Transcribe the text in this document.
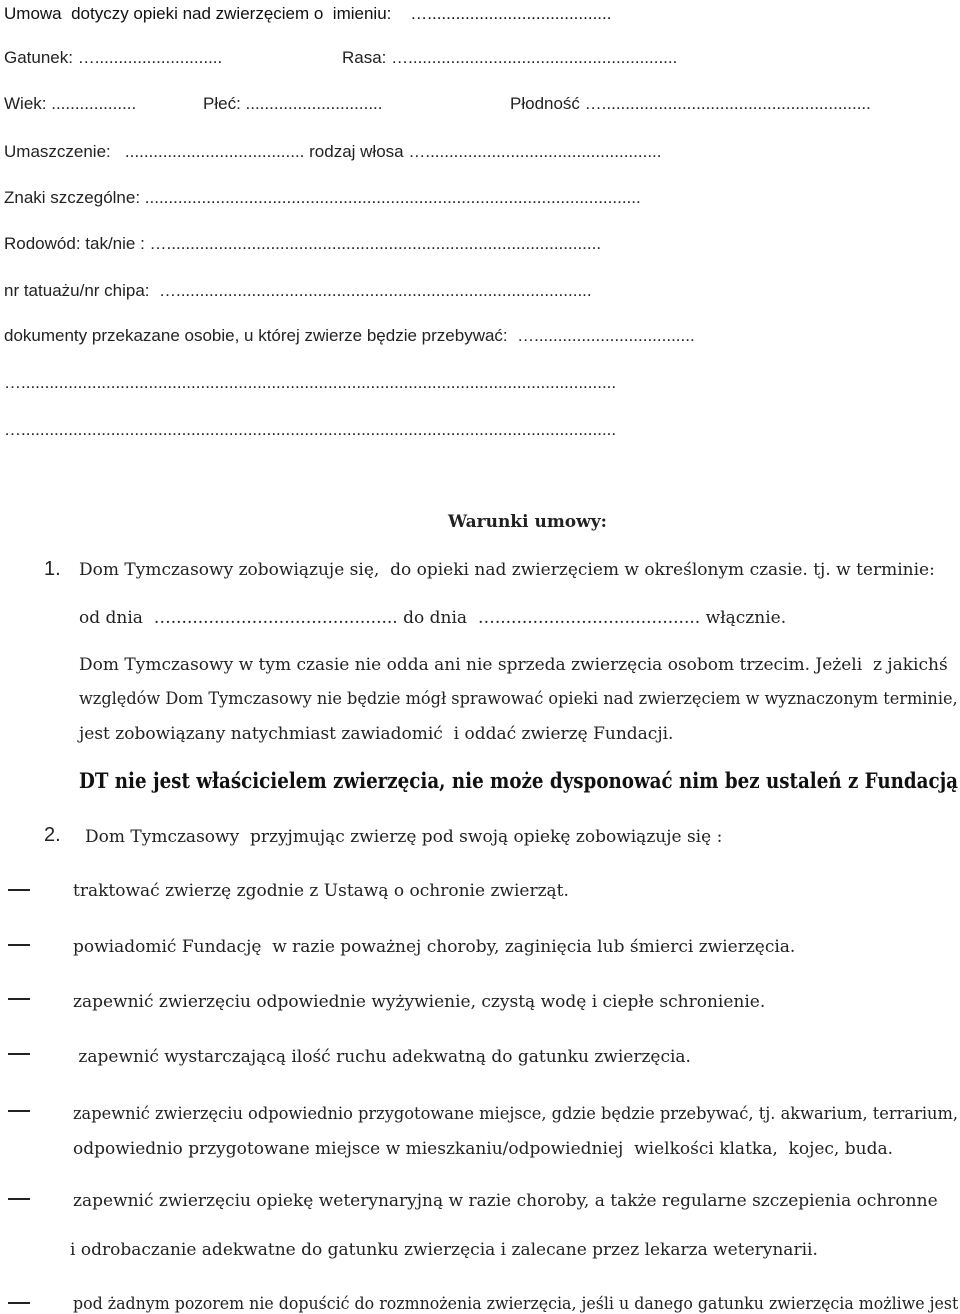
Umowa  dotyczy opieki nad zwierzęciem o  imieniu:    ….......................................
Gatunek: …...........................	Rasa: ….........................................................
Wiek: ..................	Płeć: .............................	Płodność ….........................................................
Umaszczenie:   ...................................... rodzaj włosa …..................................................
Znaki szczególne: .........................................................................................................
Rodowód: tak/nie : …............................................................................................
nr tatuażu/nr chipa:  …........................................................................................
dokumenty przekazane osobie, u której zwierze będzie przebywać:  …..................................
…..............................................................................................................................
…..............................................................................................................................
Warunki umowy:
1. Dom Tymczasowy zobowiązuje się,  do opieki nad zwierzęciem w określonym czasie. tj. w terminie:
od dnia  ….......................................... do dnia  …...................................... włącznie.
Dom Tymczasowy w tym czasie nie odda ani nie sprzeda zwierzęcia osobom trzecim. Jeżeli  z jakichś
względów Dom Tymczasowy nie będzie mógł sprawować opieki nad zwierzęciem w wyznaczonym terminie,
jest zobowiązany natychmiast zawiadomić  i oddać zwierzę Fundacji.
DT nie jest właścicielem zwierzęcia, nie może dysponować nim bez ustaleń z Fundacją
2. Dom Tymczasowy  przyjmując zwierzę pod swoją opiekę zobowiązuje się :
traktować zwierzę zgodnie z Ustawą o ochronie zwierząt.
powiadomić Fundację  w razie poważnej choroby, zaginięcia lub śmierci zwierzęcia.
zapewnić zwierzęciu odpowiednie wyżywienie, czystą wodę i ciepłe schronienie.
zapewnić wystarczającą ilość ruchu adekwatną do gatunku zwierzęcia.
zapewnić zwierzęciu odpowiednio przygotowane miejsce, gdzie będzie przebywać, tj. akwarium, terrarium,
odpowiednio przygotowane miejsce w mieszkaniu/odpowiedniej  wielkości klatka,  kojec, buda.
zapewnić zwierzęciu opiekę weterynaryjną w razie choroby, a także regularne szczepienia ochronne
i odrobaczanie adekwatne do gatunku zwierzęcia i zalecane przez lekarza weterynarii.
pod żadnym pozorem nie dopuścić do rozmnożenia zwierzęcia, jeśli u danego gatunku zwierzęcia możliwe jest
